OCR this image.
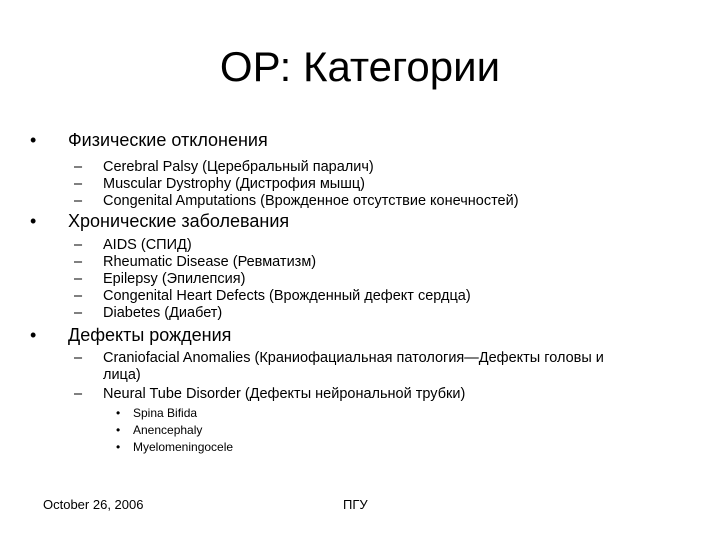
ОР: Категории
•	Физические отклонения
– Cerebral Palsy (Церебральный паралич)
– Muscular Dystrophy (Дистрофия мышц)
– Congenital Amputations (Врожденное отсутствие конечностей)
•	Хронические заболевания
– AIDS (СПИД)
– Rheumatic Disease (Ревматизм)
– Epilepsy (Эпилепсия)
– Congenital Heart Defects (Врожденный дефект сердца)
– Diabetes (Диабет)
•	Дефекты рождения
– Craniofacial Anomalies (Краниофациальная патология—Дефекты головы и лица)
– Neural Tube Disorder (Дефекты нейрональной трубки)
• Spina Bifida
• Anencephaly
• Myelomeningocele
October 26, 2006	ПГУ
